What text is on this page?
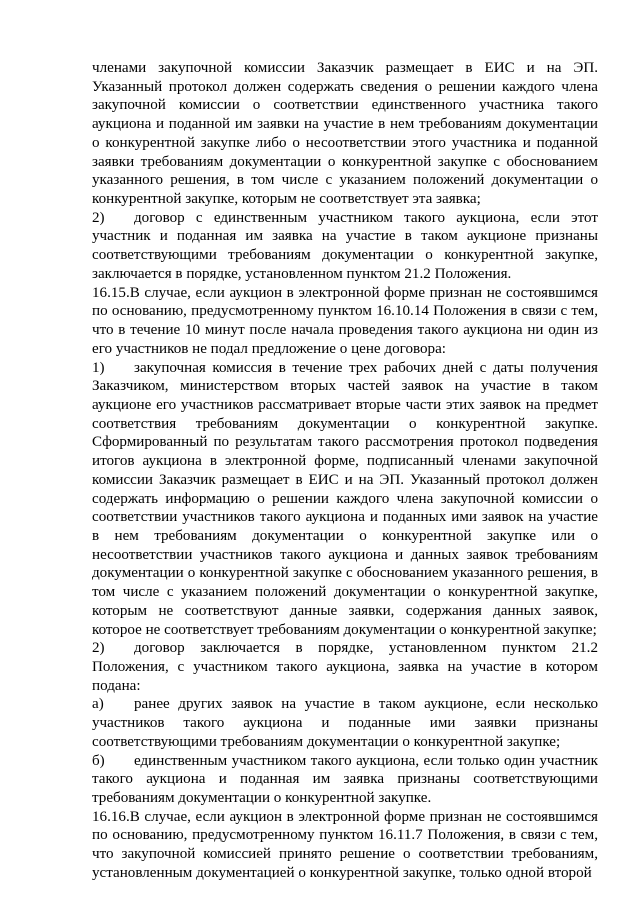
членами закупочной комиссии Заказчик размещает в ЕИС и на ЭП. Указанный протокол должен содержать сведения о решении каждого члена закупочной комиссии о соответствии единственного участника такого аукциона и поданной им заявки на участие в нем требованиям документации о конкурентной закупке либо о несоответствии этого участника и поданной заявки требованиям документации о конкурентной закупке с обоснованием указанного решения, в том числе с указанием положений документации о конкурентной закупке, которым не соответствует эта заявка;

2) договор с единственным участником такого аукциона, если этот участник и поданная им заявка на участие в таком аукционе признаны соответствующими требованиям документации о конкурентной закупке, заключается в порядке, установленном пунктом 21.2 Положения.

16.15.В случае, если аукцион в электронной форме признан не состоявшимся по основанию, предусмотренному пунктом 16.10.14 Положения в связи с тем, что в течение 10 минут после начала проведения такого аукциона ни один из его участников не подал предложение о цене договора:

1) закупочная комиссия в течение трех рабочих дней с даты получения Заказчиком, министерством вторых частей заявок на участие в таком аукционе его участников рассматривает вторые части этих заявок на предмет соответствия требованиям документации о конкурентной закупке. Сформированный по результатам такого рассмотрения протокол подведения итогов аукциона в электронной форме, подписанный членами закупочной комиссии Заказчик размещает в ЕИС и на ЭП. Указанный протокол должен содержать информацию о решении каждого члена закупочной комиссии о соответствии участников такого аукциона и поданных ими заявок на участие в нем требованиям документации о конкурентной закупке или о несоответствии участников такого аукциона и данных заявок требованиям документации о конкурентной закупке с обоснованием указанного решения, в том числе с указанием положений документации о конкурентной закупке, которым не соответствуют данные заявки, содержания данных заявок, которое не соответствует требованиям документации о конкурентной закупке;

2) договор заключается в порядке, установленном пунктом 21.2 Положения, с участником такого аукциона, заявка на участие в котором подана:

а) ранее других заявок на участие в таком аукционе, если несколько участников такого аукциона и поданные ими заявки признаны соответствующими требованиям документации о конкурентной закупке;

б) единственным участником такого аукциона, если только один участник такого аукциона и поданная им заявка признаны соответствующими требованиям документации о конкурентной закупке.

16.16.В случае, если аукцион в электронной форме признан не состоявшимся по основанию, предусмотренному пунктом 16.11.7 Положения, в связи с тем, что закупочной комиссией принято решение о соответствии требованиям, установленным документацией о конкурентной закупке, только одной второй
